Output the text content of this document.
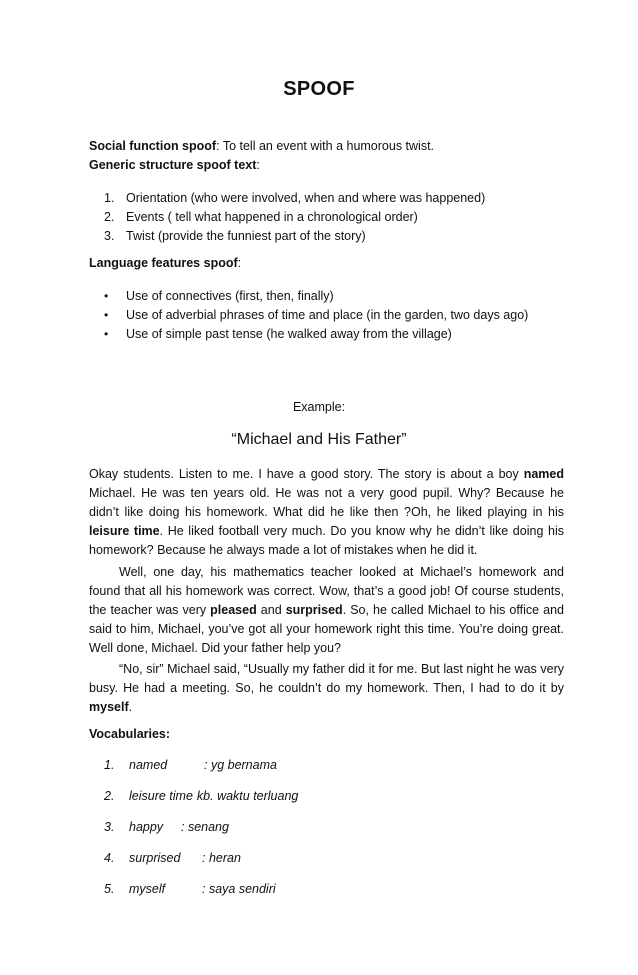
SPOOF
Social function spoof: To tell an event with a humorous twist.
Generic structure spoof text:
1. Orientation (who were involved, when and where was happened)
2. Events ( tell what happened in a chronological order)
3. Twist (provide the funniest part of the story)
Language features spoof:
•	Use of connectives (first, then, finally)
•	Use of adverbial phrases of time and place (in the garden, two days ago)
•	Use of simple past tense (he walked away from the village)
Example:
“Michael and His Father”
Okay students. Listen to me. I have a good story. The story is about a boy named Michael. He was ten years old. He was not a very good pupil. Why? Because he didn’t like doing his homework. What did he like then ?Oh, he liked playing in his leisure time. He liked football very much. Do you know why he didn’t like doing his homework? Because he always made a lot of mistakes when he did it.
Well, one day, his mathematics teacher looked at Michael’s homework and found that all his homework was correct. Wow, that’s a good job! Of course students, the teacher was very pleased and surprised. So, he called Michael to his office and said to him, Michael, you’ve got all your homework right this time. You’re doing great. Well done, Michael. Did your father help you?
“No, sir” Michael said, “Usually my father did it for me. But last night he was very busy. He had a meeting. So, he couldn’t do my homework. Then, I had to do it by myself.
Vocabularies:
1.	named	: yg bernama
2.	leisure time kb. waktu terluang
3.	happy	: senang
4.	surprised	: heran
5.	myself	: saya sendiri
